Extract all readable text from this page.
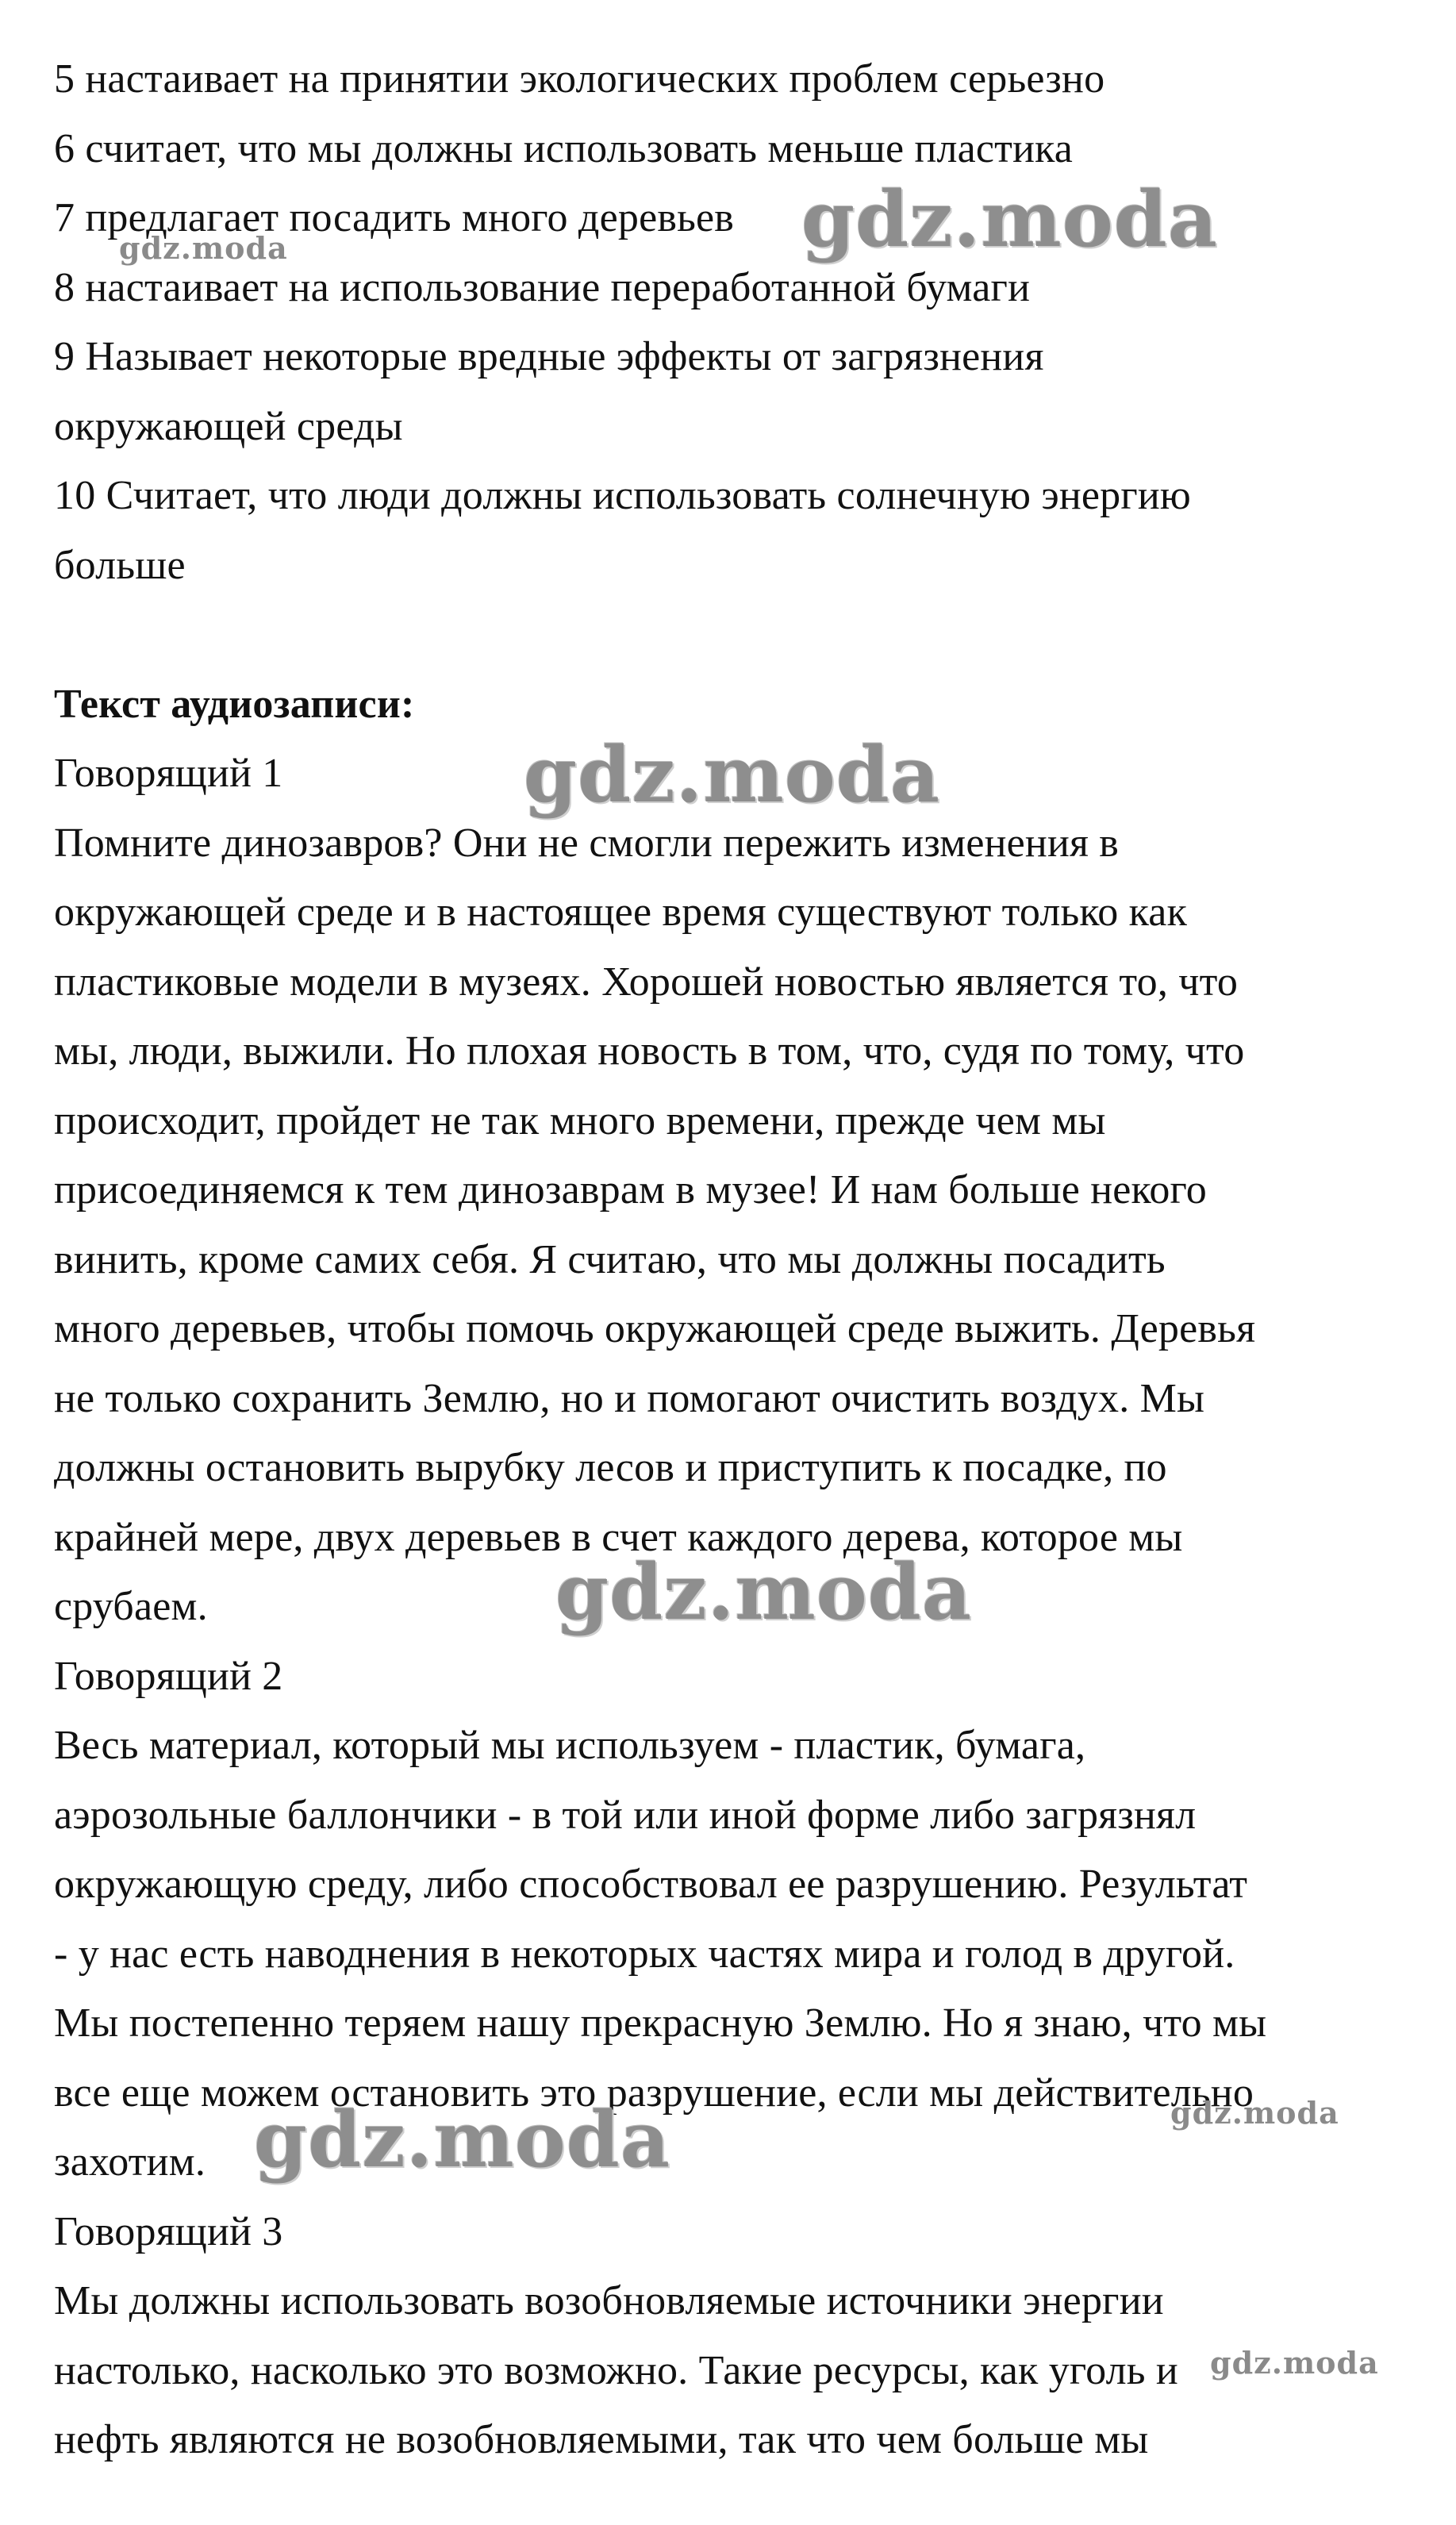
5 настаивает на принятии экологических проблем серьезно
6 считает, что мы должны использовать меньше пластика
7 предлагает посадить много деревьев
8 настаивает на использование переработанной бумаги
9 Называет некоторые вредные эффекты от загрязнения
окружающей среды
10 Считает, что люди должны использовать солнечную энергию
больше
Текст аудиозаписи:
Говорящий 1
Помните динозавров? Они не смогли пережить изменения в
окружающей среде и в настоящее время существуют только как
пластиковые модели в музеях. Хорошей новостью является то, что
мы, люди, выжили. Но плохая новость в том, что, судя по тому, что
происходит, пройдет не так много времени, прежде чем мы
присоединяемся к тем динозаврам в музее! И нам больше некого
винить, кроме самих себя. Я считаю, что мы должны посадить
много деревьев, чтобы помочь окружающей среде выжить. Деревья
не только сохранить Землю, но и помогают очистить воздух. Мы
должны остановить вырубку лесов и приступить к посадке, по
крайней мере, двух деревьев в счет каждого дерева, которое мы
срубаем.
Говорящий 2
Весь материал, который мы используем - пластик, бумага,
аэрозольные баллончики - в той или иной форме либо загрязнял
окружающую среду, либо способствовал ее разрушению. Результат
- у нас есть наводнения в некоторых частях мира и голод в другой.
Мы постепенно теряем нашу прекрасную Землю. Но я знаю, что мы
все еще можем остановить это разрушение, если мы действительно
захотим.
Говорящий 3
Мы должны использовать возобновляемые источники энергии
настолько, насколько это возможно. Такие ресурсы, как уголь и
нефть являются не возобновляемыми, так что чем больше мы
gdz.moda
gdz.moda
gdz.moda
gdz.moda
gdz.moda	gdz.moda
gdz.moda
